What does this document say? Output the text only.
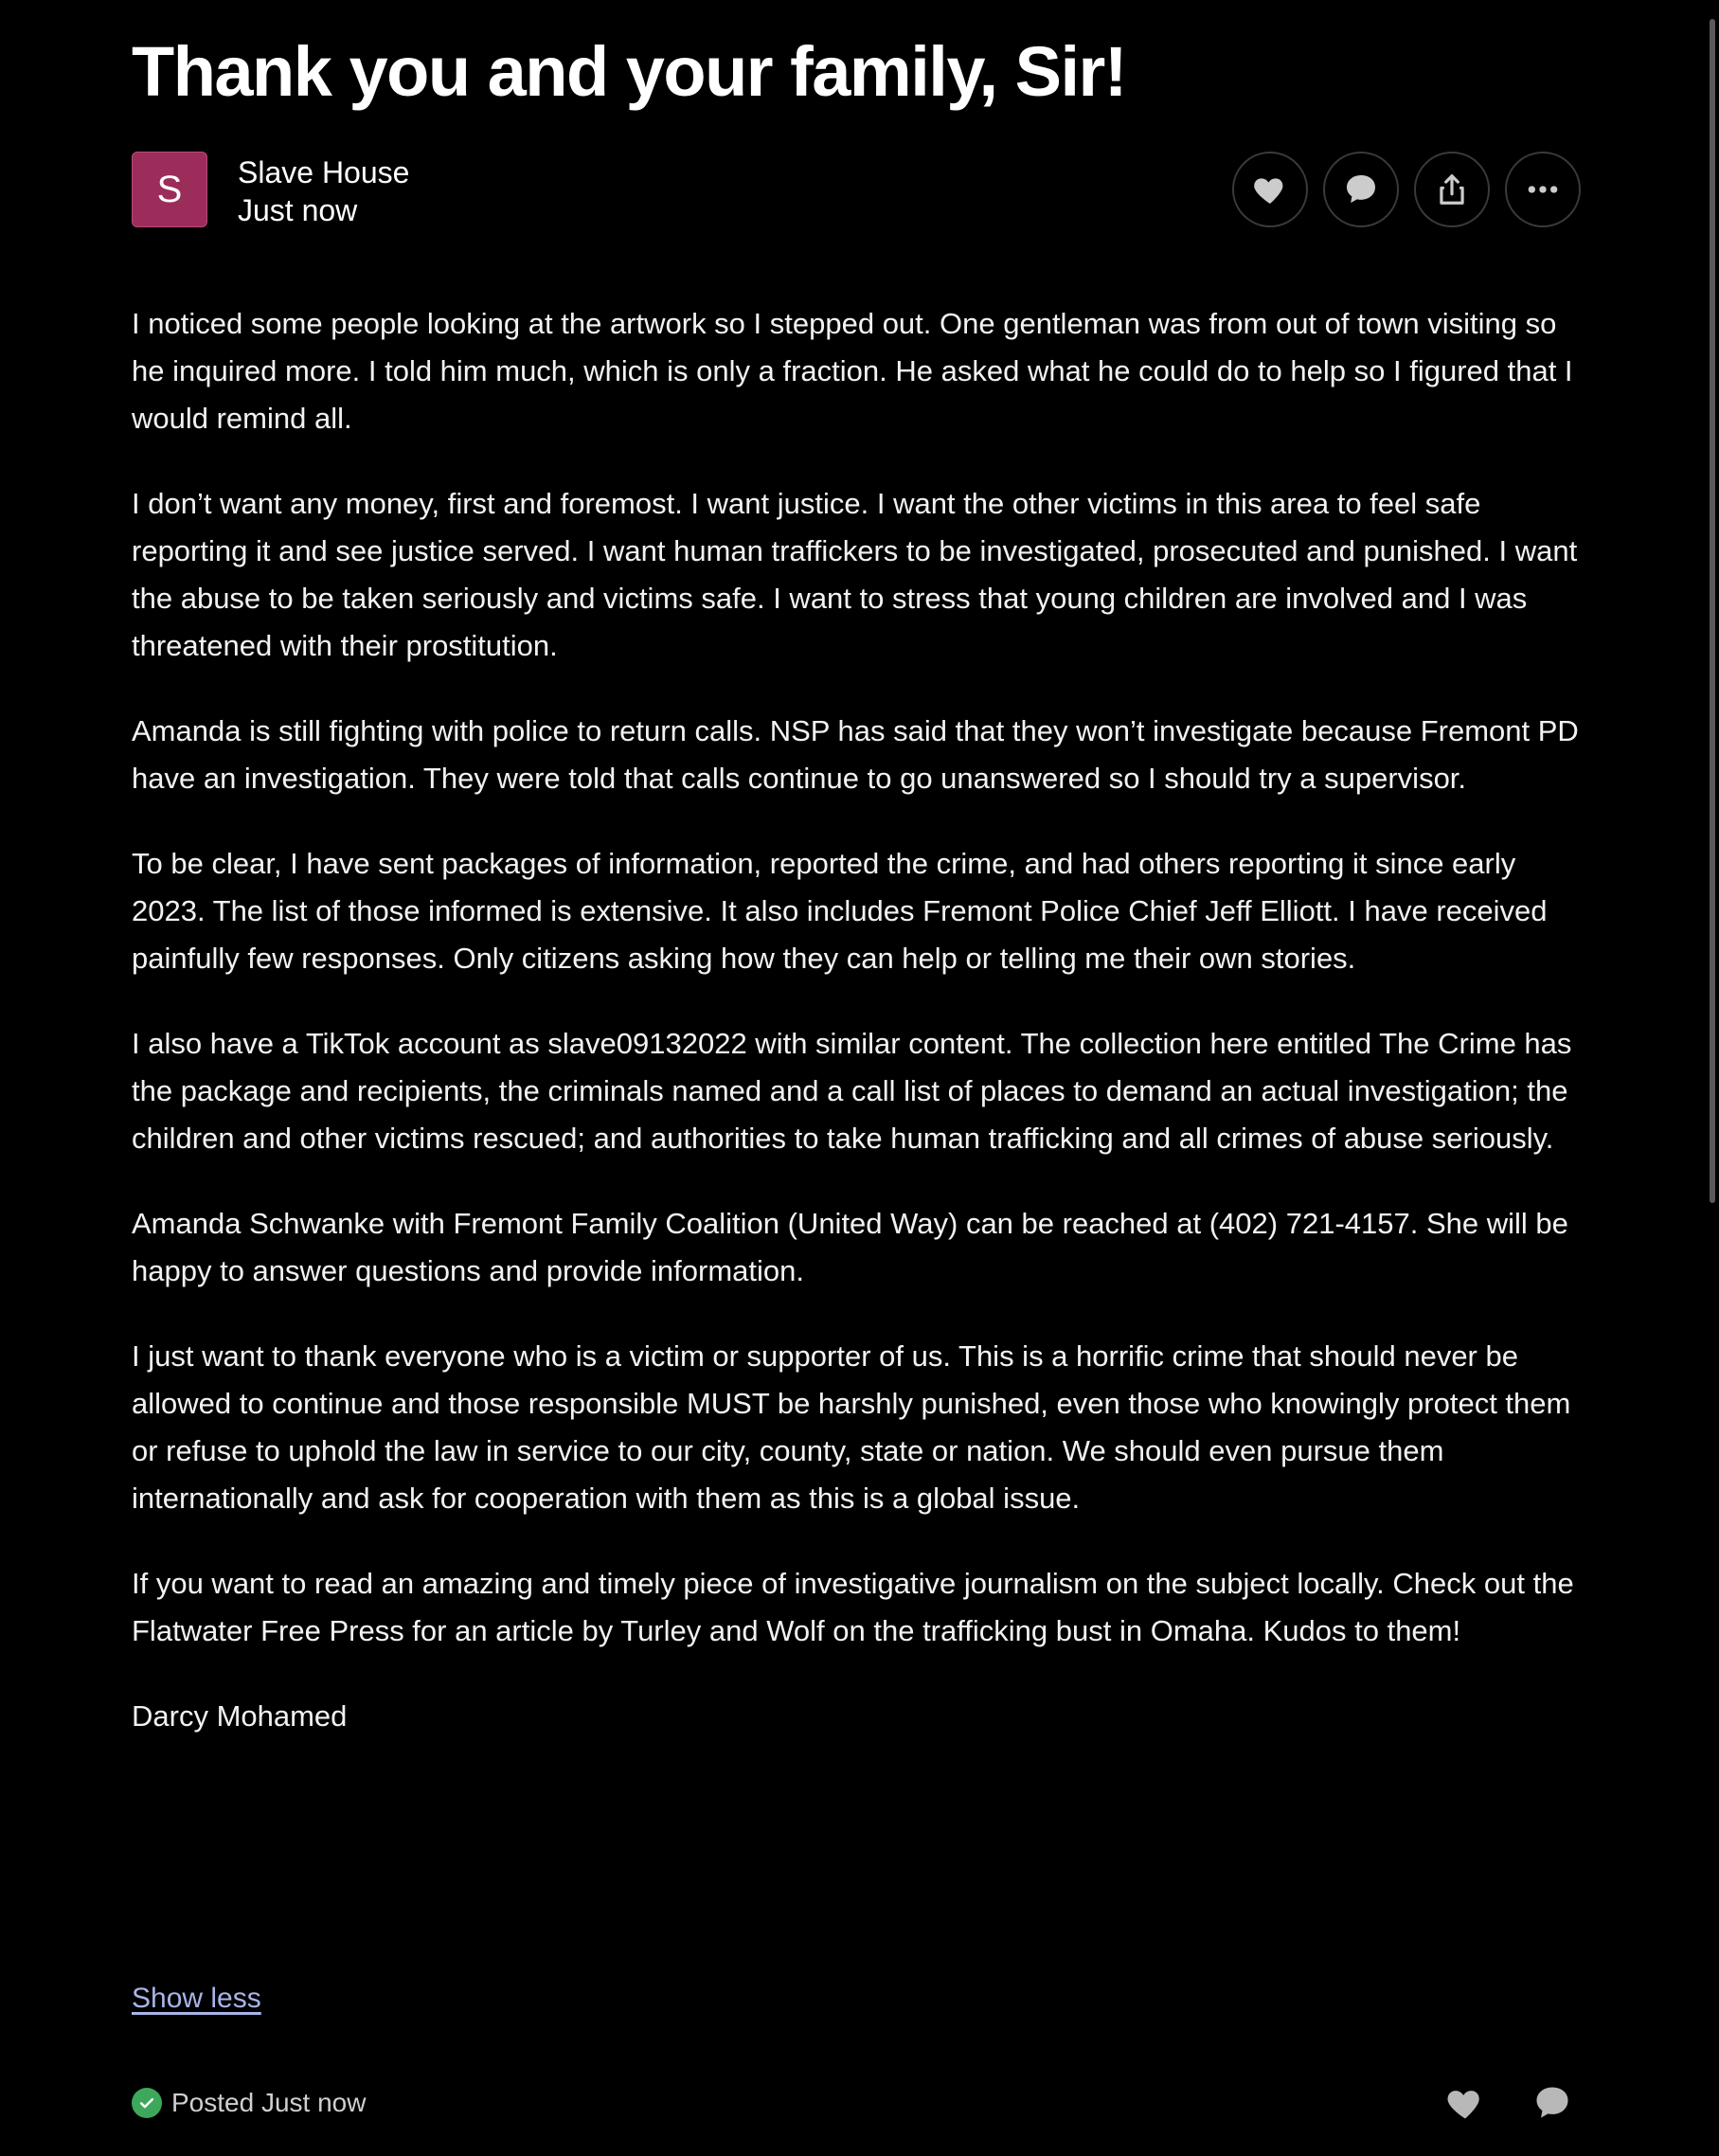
Thank you and your family, Sir!
S	Slave House
Just now

I noticed some people looking at the artwork so I stepped out. One gentleman was from out of town visiting so he inquired more. I told him much, which is only a fraction. He asked what he could do to help so I figured that I would remind all.

I don’t want any money, first and foremost. I want justice. I want the other victims in this area to feel safe reporting it and see justice served. I want human traffickers to be investigated, prosecuted and punished. I want the abuse to be taken seriously and victims safe. I want to stress that young children are involved and I was threatened with their prostitution.

Amanda is still fighting with police to return calls. NSP has said that they won’t investigate because Fremont PD have an investigation. They were told that calls continue to go unanswered so I should try a supervisor.

To be clear, I have sent packages of information, reported the crime, and had others reporting it since early 2023. The list of those informed is extensive. It also includes Fremont Police Chief Jeff Elliott. I have received painfully few responses. Only citizens asking how they can help or telling me their own stories.

I also have a TikTok account as slave09132022 with similar content. The collection here entitled The Crime has the package and recipients, the criminals named and a call list of places to demand an actual investigation; the children and other victims rescued; and authorities to take human trafficking and all crimes of abuse seriously.

Amanda Schwanke with Fremont Family Coalition (United Way) can be reached at (402) 721-4157. She will be happy to answer questions and provide information.

I just want to thank everyone who is a victim or supporter of us. This is a horrific crime that should never be allowed to continue and those responsible MUST be harshly punished, even those who knowingly protect them or refuse to uphold the law in service to our city, county, state or nation. We should even pursue them internationally and ask for cooperation with them as this is a global issue.

If you want to read an amazing and timely piece of investigative journalism on the subject locally. Check out the Flatwater Free Press for an article by Turley and Wolf on the trafficking bust in Omaha. Kudos to them!

Darcy Mohamed

Show less
Posted Just now
